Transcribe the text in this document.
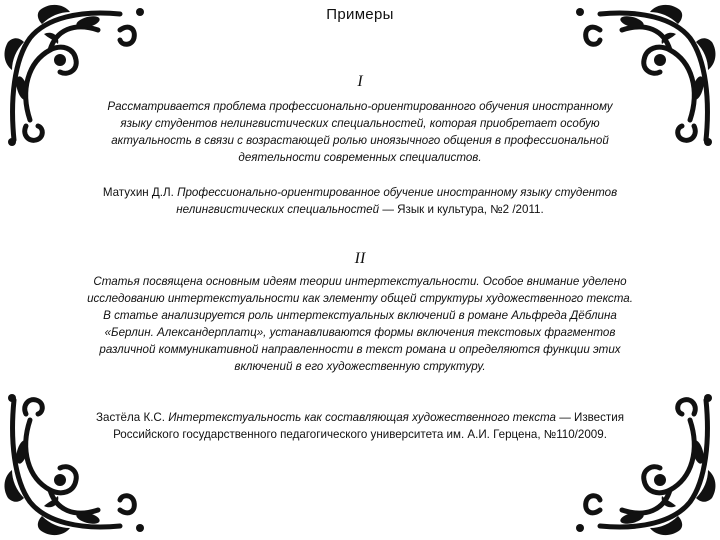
Примеры
I
Рассматривается проблема профессионально-ориентированного обучения иностранному языку студентов нелингвистических специальностей, которая приобретает особую актуальность в связи с возрастающей ролью иноязычного общения в профессиональной деятельности современных специалистов.
Матухин Д.Л. Профессионально-ориентированное обучение иностранному языку студентов нелингвистических специальностей — Язык и культура, №2 /2011.
II
Статья посвящена основным идеям теории интертекстуальности. Особое внимание уделено исследованию интертекстуальности как элементу общей структуры художественного текста. В статье анализируется роль интертекстуальных включений в романе Альфреда Дёблина «Берлин. Александерплатц», устанавливаются формы включения текстовых фрагментов различной коммуникативной направленности в текст романа и определяются функции этих включений в его художественную структуру.
Застёла К.С. Интертекстуальность как составляющая художественного текста — Известия Российского государственного педагогического университета им. А.И. Герцена, №110/2009.
